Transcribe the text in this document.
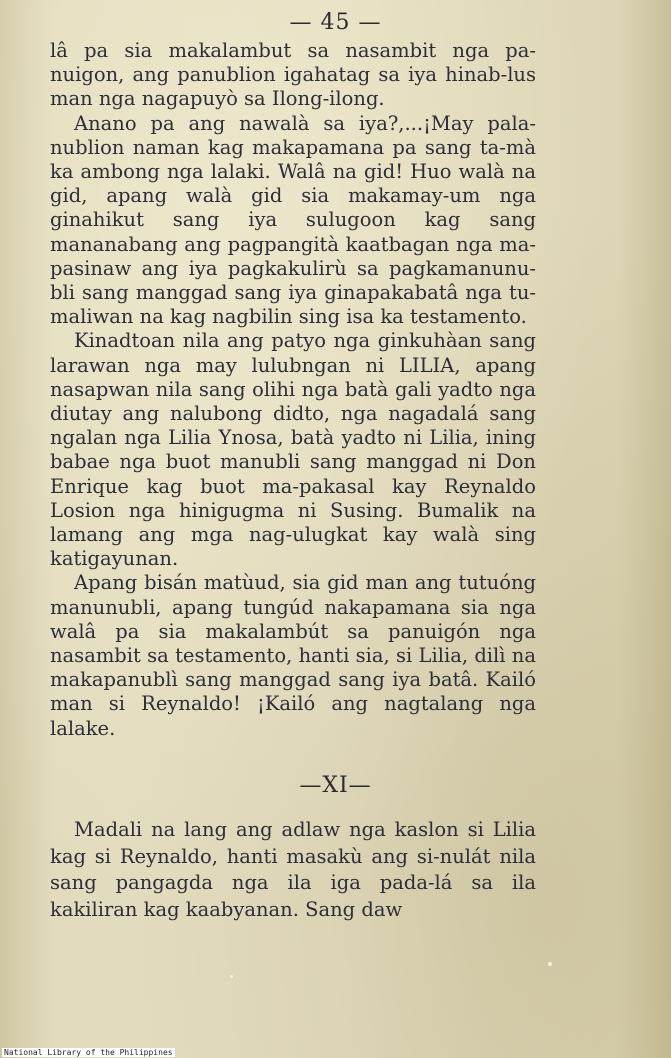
— 45 —

lâ pa sia makalambut sa nasambit nga pa-nuigon, ang panublion igahatag sa iya hinab-lus man nga nagapuyò sa Ilong-ilong.

Anano pa ang nawalà sa iya?,...¡May pala-nublion naman kag makapamana pa sang ta-mà ka ambong nga lalaki. Walâ na gid! Huo walà na gid, apang walà gid sia makamay-um nga ginahikut sang iya sulugoon kag sang mananabang ang pagpangità kaatbagan nga ma-pasinaw ang iya pagkakulirù sa pagkamanunu-bli sang manggad sang iya ginapakabatâ nga tu-maliwan na kag nagbilin sing isa ka testamento.

Kinadtoan nila ang patyo nga ginkuhàan sang larawan nga may lulubngan ni LILIA, apang nasapwan nila sang olihi nga batà gali yadto nga diutay ang nalubong didto, nga nagadalá sang ngalan nga Lilia Ynosa, batà yadto ni Lilia, ining babae nga buot manubli sang manggad ni Don Enrique kag buot ma-pakasal kay Reynaldo Losion nga hinigugma ni Susing. Bumalik na lamang ang mga nag-ulugkat kay walà sing katigayunan.

Apang bisán matùud, sia gid man ang tutuóng manunubli, apang tungúd nakapamana sia nga walâ pa sia makalambút sa panuigón nga nasambit sa testamento, hanti sia, si Lilia, dilì na makapanublì sang manggad sang iya batâ. Kailó man si Reynaldo! ¡Kailó ang nagtalang nga lalake.

—XI—

Madali na lang ang adlaw nga kaslon si Lilia kag si Reynaldo, hanti masakù ang si-nulát nila sang pangagda nga ila iga pada-lá sa ila kakiliran kag kaabyanan. Sang daw

National Library of the Philippines
